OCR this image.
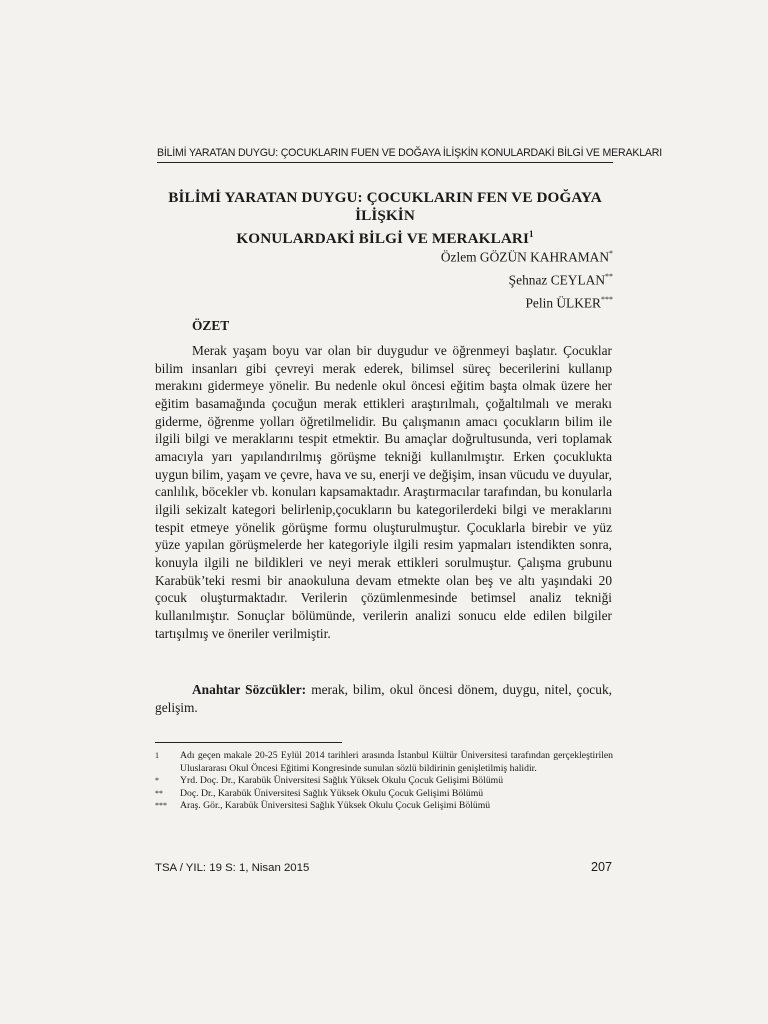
BİLİMİ YARATAN DUYGU: ÇOCUKLARIN FUEN VE DOĞAYA İLİŞKİN KONULARDAKİ BİLGİ VE MERAKLARI
BİLİMİ YARATAN DUYGU: ÇOCUKLARIN FEN VE DOĞAYA İLİŞKİN
KONULARDAKİ BİLGİ VE MERAKLARI$^1$
Özlem GÖZÜN KAHRAMAN*
Şehnaz CEYLAN**
Pelin ÜLKER***
ÖZET

Merak yaşam boyu var olan bir duygudur ve öğrenmeyi başlatır. Çocuklar bilim insanları gibi çevreyi merak ederek, bilimsel süreç becerilerini kullanıp merakını gidermeye yönelir. Bu nedenle okul öncesi eğitim başta olmak üzere her eğitim basamağında çocuğun merak ettikleri araştırılmalı, çoğaltılmalı ve merakı giderme, öğrenme yolları öğretilmelidir. Bu çalışmanın amacı çocukların bilim ile ilgili bilgi ve meraklarını tespit etmektir. Bu amaçlar doğrultusunda, veri toplamak amacıyla yarı yapılandırılmış görüşme tekniği kullanılmıştır. Erken çocuklukta uygun bilim, yaşam ve çevre, hava ve su, enerji ve değişim, insan vücudu ve duyular, canlılık, böcekler vb. konuları kapsamaktadır. Araştırmacılar tarafından, bu konularla ilgili sekizalt kategori belirlenip,çocukların bu kategorilerdeki bilgi ve meraklarını tespit etmeye yönelik görüşme formu oluşturulmuştur. Çocuklarla birebir ve yüz yüze yapılan görüşmelerde her kategoriyle ilgili resim yapmaları istendikten sonra, konuyla ilgili ne bildikleri ve neyi merak ettikleri sorulmuştur. Çalışma grubunu Karabük’teki resmi bir anaokuluna devam etmekte olan beş ve altı yaşındaki 20 çocuk oluşturmaktadır. Verilerin çözümlenmesinde betimsel analiz tekniği kullanılmıştır. Sonuçlar bölümünde, verilerin analizi sonucu elde edilen bilgiler tartışılmış ve öneriler verilmiştir.

Anahtar Sözcükler: merak, bilim, okul öncesi dönem, duygu, nitel, çocuk, gelişim.

1	Adı geçen makale 20-25 Eylül 2014 tarihleri arasında İstanbul Kültür Üniversitesi tarafından gerçekleştirilen Uluslararası Okul Öncesi Eğitimi Kongresinde sunulan sözlü bildirinin genişletilmiş halidir.
*	Yrd. Doç. Dr., Karabük Üniversitesi Sağlık Yüksek Okulu Çocuk Gelişimi Bölümü
**	Doç. Dr., Karabük Üniversitesi Sağlık Yüksek Okulu Çocuk Gelişimi Bölümü
***	Araş. Gör., Karabük Üniversitesi Sağlık Yüksek Okulu Çocuk Gelişimi Bölümü
TSA / YIL: 19 S: 1, Nisan 2015	207
